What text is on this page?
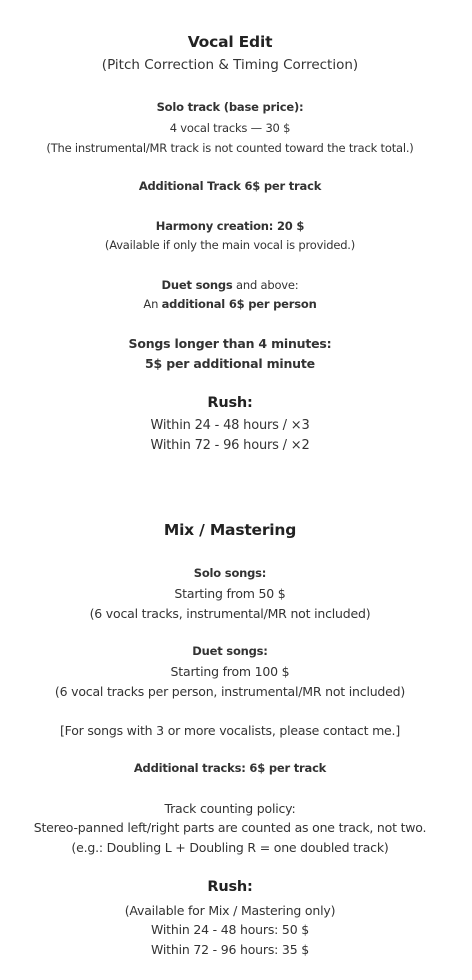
Vocal Edit
(Pitch Correction & Timing Correction)
Solo track (base price):
4 vocal tracks — 30 $
(The instrumental/MR track is not counted toward the track total.)
Additional Track 6$ per track
Harmony creation: 20 $
(Available if only the main vocal is provided.)
Duet songs and above:
An additional 6$ per person
Songs longer than 4 minutes:
5$ per additional minute
Rush:
Within 24 - 48 hours / ×3
Within 72 - 96 hours / ×2
Mix / Mastering
Solo songs:
Starting from 50 $
(6 vocal tracks, instrumental/MR not included)
Duet songs:
Starting from 100 $
(6 vocal tracks per person, instrumental/MR not included)
[For songs with 3 or more vocalists, please contact me.]
Additional tracks: 6$ per track
Track counting policy:
Stereo-panned left/right parts are counted as one track, not two.
(e.g.: Doubling L + Doubling R = one doubled track)
Rush:
(Available for Mix / Mastering only)
Within 24 - 48 hours: 50 $
Within 72 - 96 hours: 35 $
